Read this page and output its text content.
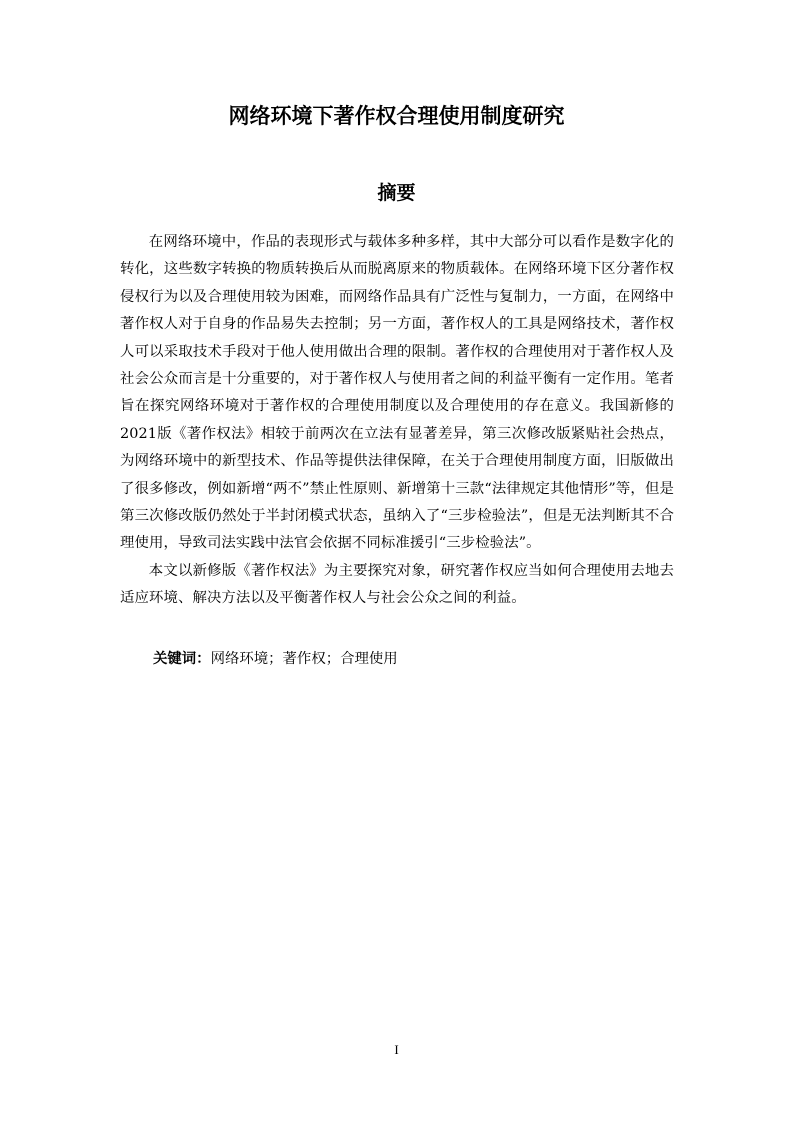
网络环境下著作权合理使用制度研究
摘要

在网络环境中，作品的表现形式与载体多种多样，其中大部分可以看作是数字化的转化，这些数字转换的物质转换后从而脱离原来的物质载体。在网络环境下区分著作权侵权行为以及合理使用较为困难，而网络作品具有广泛性与复制力，一方面，在网络中著作权人对于自身的作品易失去控制；另一方面，著作权人的工具是网络技术，著作权人可以采取技术手段对于他人使用做出合理的限制。著作权的合理使用对于著作权人及社会公众而言是十分重要的，对于著作权人与使用者之间的利益平衡有一定作用。笔者旨在探究网络环境对于著作权的合理使用制度以及合理使用的存在意义。我国新修的2021版《著作权法》相较于前两次在立法有显著差异，第三次修改版紧贴社会热点，为网络环境中的新型技术、作品等提供法律保障，在关于合理使用制度方面，旧版做出了很多修改，例如新增“两不”禁止性原则、新增第十三款“法律规定其他情形”等，但是第三次修改版仍然处于半封闭模式状态，虽纳入了“三步检验法”，但是无法判断其不合理使用，导致司法实践中法官会依据不同标准援引“三步检验法”。

本文以新修版《著作权法》为主要探究对象，研究著作权应当如何合理使用去地去适应环境、解决方法以及平衡著作权人与社会公众之间的利益。

关键词：网络环境；著作权；合理使用
I
